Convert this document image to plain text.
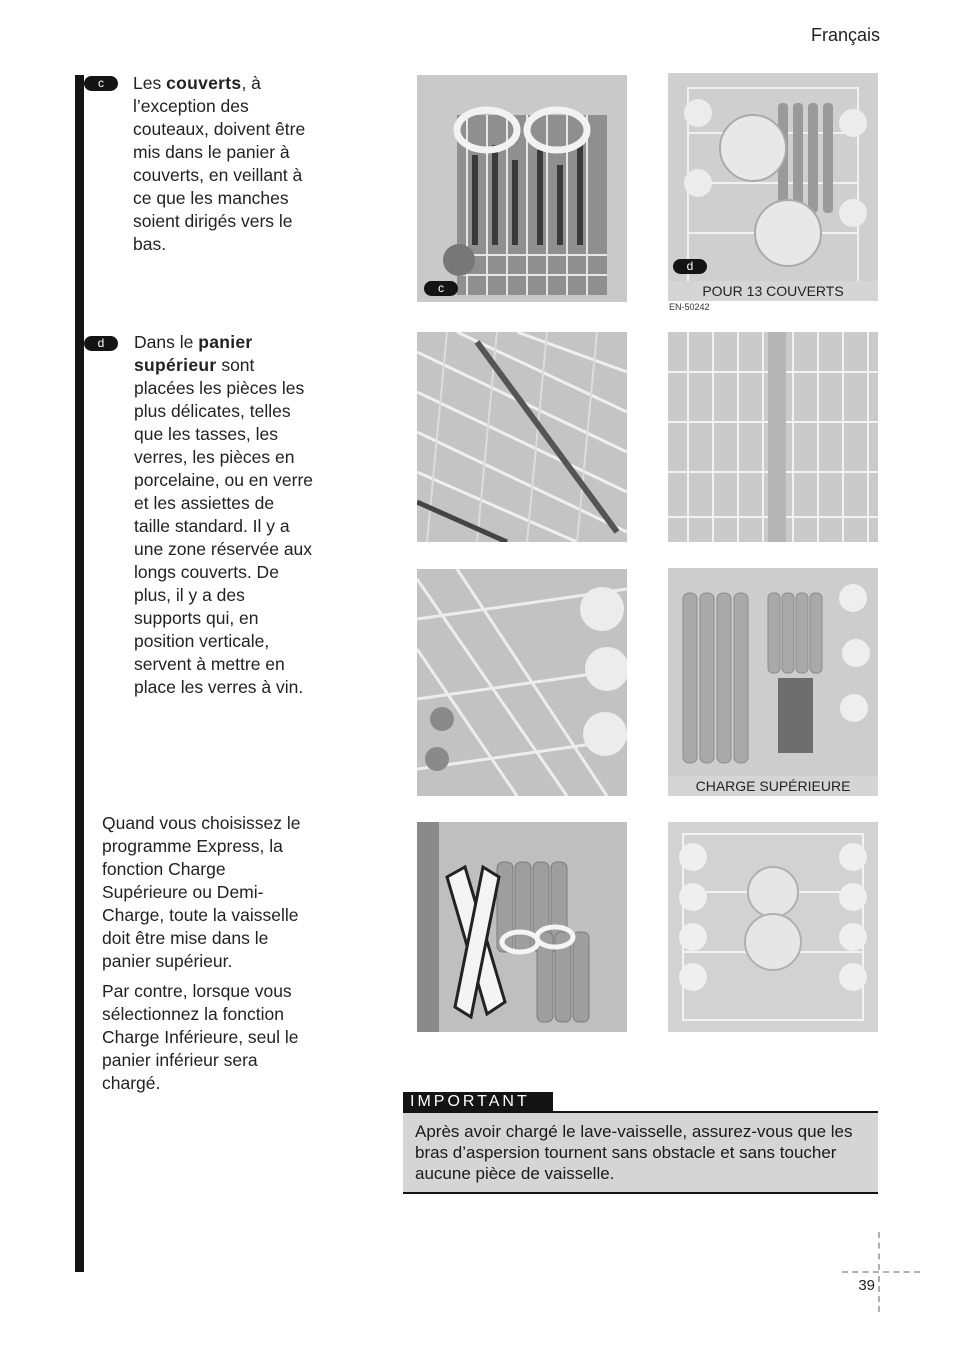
Français
c	Les couverts, à l’exception des couteaux, doivent être mis dans le panier à couverts, en veillant à ce que les manches soient dirigés vers le bas.
d	Dans le panier supérieur sont placées les pièces les plus délicates, telles que les tasses, les verres, les pièces en porcelaine, ou en verre et les assiettes de taille standard. Il y a une zone réservée aux longs couverts. De plus, il y a des supports qui, en position verticale, servent à mettre en place les verres à vin.
Quand vous choisissez le programme Express, la fonction Charge Supérieure ou Demi-Charge, toute la vaisselle doit être mise dans le panier supérieur.
Par contre, lorsque vous sélectionnez la fonction Charge Inférieure, seul le panier inférieur sera chargé.
c
d
POUR 13 COUVERTS
EN-50242
CHARGE SUPÉRIEURE
IMPORTANT
Après avoir chargé le lave-vaisselle, assurez-vous que les bras d’aspersion tournent sans obstacle et sans toucher aucune pièce de vaisselle.
39
